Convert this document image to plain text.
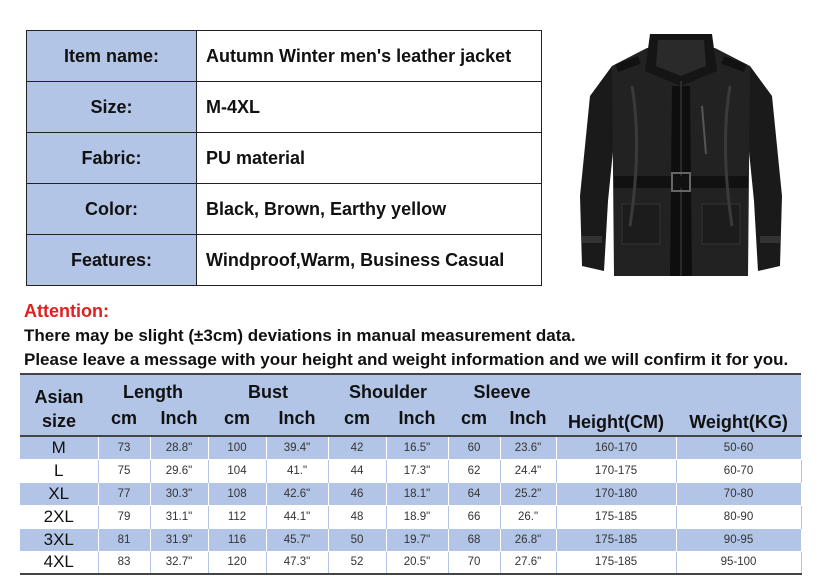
Item name:	Autumn Winter men's leather jacket
Size:	M-4XL
Fabric:	PU material
Color:	Black, Brown, Earthy yellow
Features:	Windproof,Warm, Business Casual
Attention:
There may be slight (±3cm) deviations in manual measurement data.
Please leave a message with your height and weight information and we will confirm it for you.
Asian size	Length		Bust		Shoulder		Sleeve		Height(CM)	Weight(KG)
	cm	Inch	cm	Inch	cm	Inch	cm	Inch		
M	73	28.8"	100	39.4"	42	16.5"	60	23.6"	160-170	50-60
L	75	29.6"	104	41."	44	17.3"	62	24.4"	170-175	60-70
XL	77	30.3"	108	42.6"	46	18.1"	64	25.2"	170-180	70-80
2XL	79	31.1"	112	44.1"	48	18.9"	66	26."	175-185	80-90
3XL	81	31.9"	116	45.7"	50	19.7"	68	26.8"	175-185	90-95
4XL	83	32.7"	120	47.3"	52	20.5"	70	27.6"	175-185	95-100
